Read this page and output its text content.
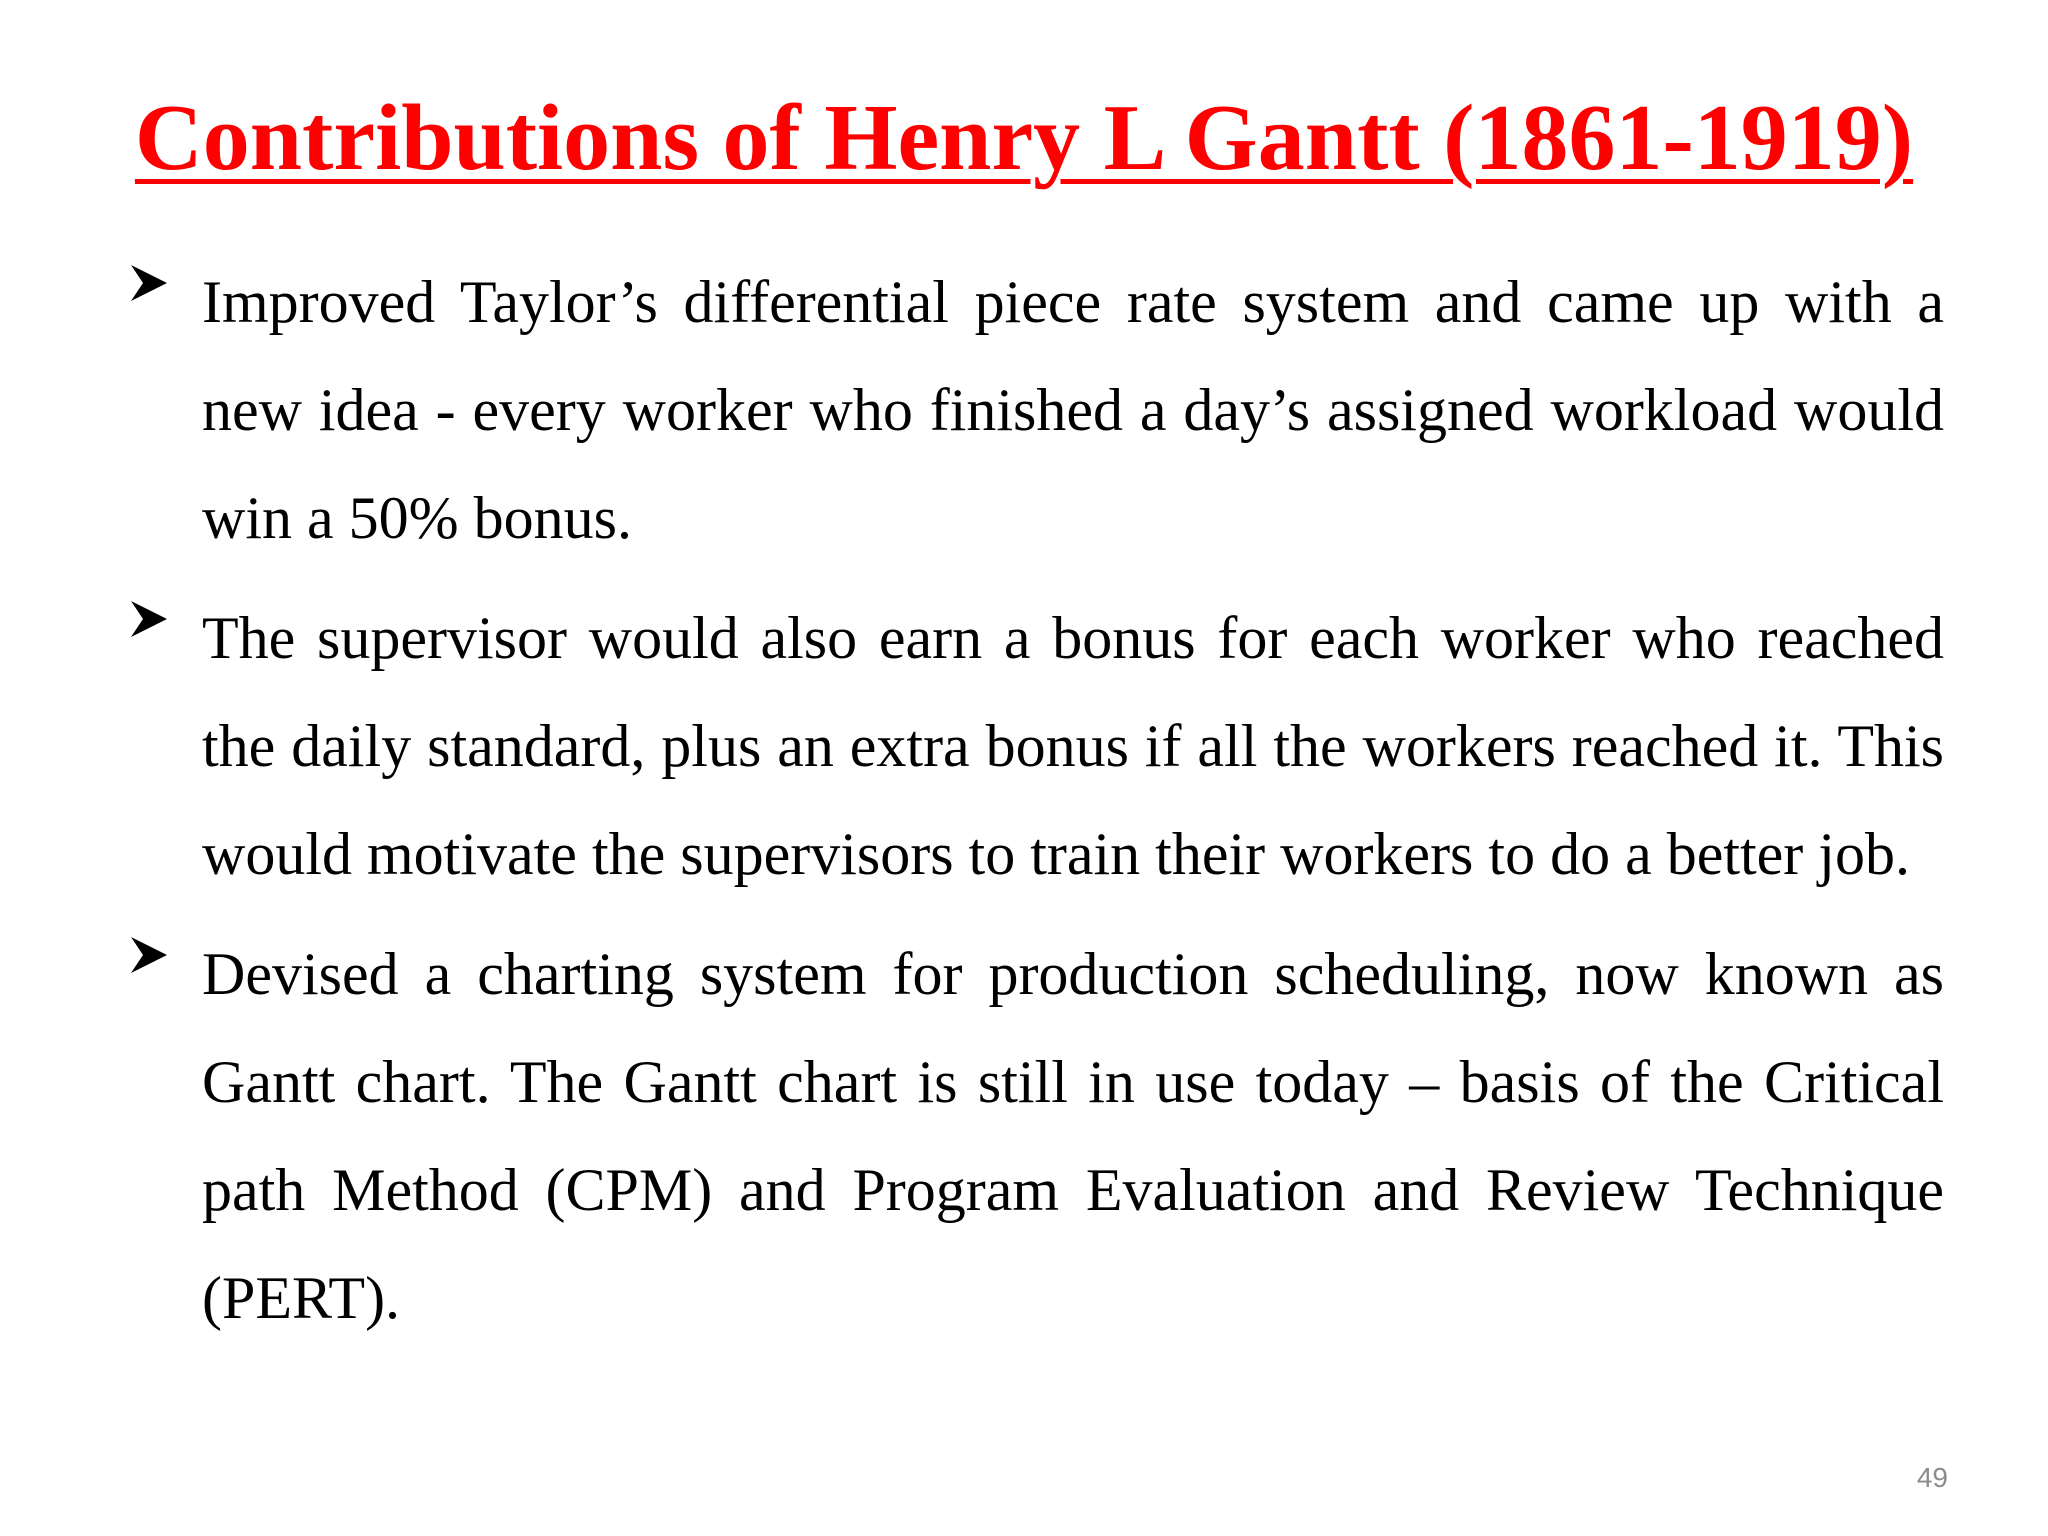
Contributions of Henry L Gantt (1861-1919)
Improved Taylor’s differential piece rate system and came up with a new idea - every worker who finished a day’s assigned workload would win a 50% bonus.
The supervisor would also earn a bonus for each worker who reached the daily standard, plus an extra bonus if all the workers reached it. This would motivate the supervisors to train their workers to do a better job.
Devised a charting system for production scheduling, now known as Gantt chart. The Gantt chart is still in use today – basis of the Critical path Method (CPM) and Program Evaluation and Review Technique (PERT).
49
